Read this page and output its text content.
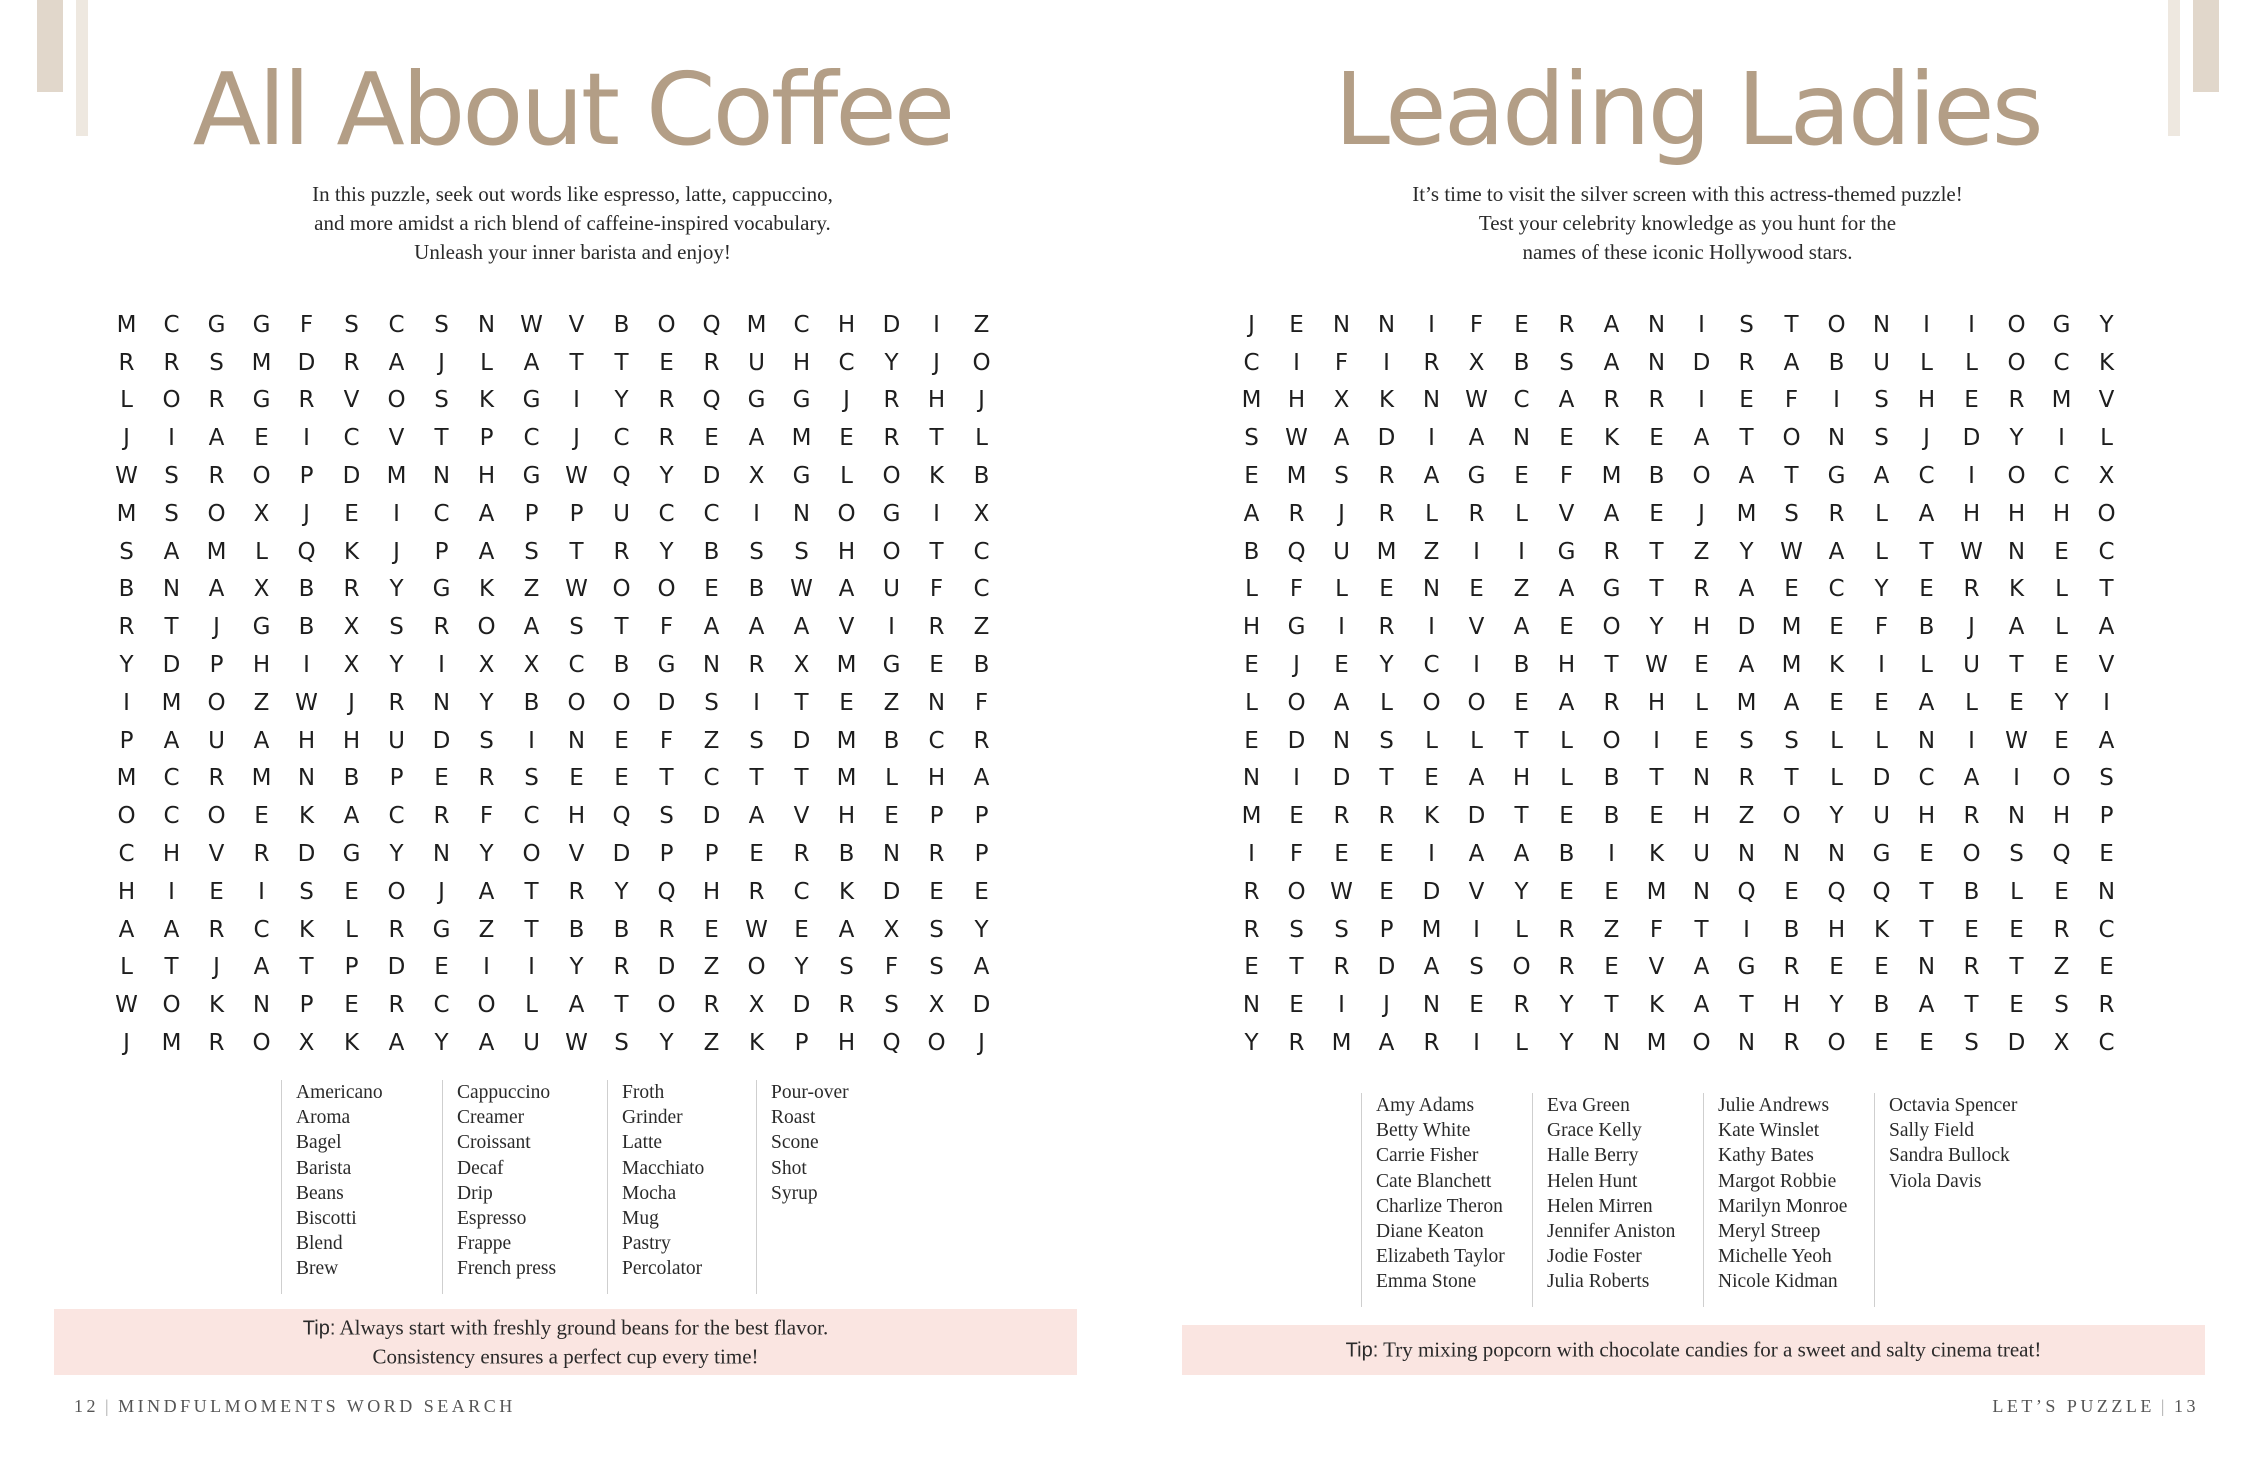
All About Coffee
In this puzzle, seek out words like espresso, latte, cappuccino,
and more amidst a rich blend of caffeine-inspired vocabulary.
Unleash your inner barista and enjoy!
M	C	G	G	F	S	C	S	N	W	V	B	O	Q	M	C	H	D	I	Z
R	R	S	M	D	R	A	J	L	A	T	T	E	R	U	H	C	Y	J	O
L	O	R	G	R	V	O	S	K	G	I	Y	R	Q	G	G	J	R	H	J
J	I	A	E	I	C	V	T	P	C	J	C	R	E	A	M	E	R	T	L
W	S	R	O	P	D	M	N	H	G	W	Q	Y	D	X	G	L	O	K	B
M	S	O	X	J	E	I	C	A	P	P	U	C	C	I	N	O	G	I	X
S	A	M	L	Q	K	J	P	A	S	T	R	Y	B	S	S	H	O	T	C
B	N	A	X	B	R	Y	G	K	Z	W	O	O	E	B	W	A	U	F	C
R	T	J	G	B	X	S	R	O	A	S	T	F	A	A	A	V	I	R	Z
Y	D	P	H	I	X	Y	I	X	X	C	B	G	N	R	X	M	G	E	B
I	M	O	Z	W	J	R	N	Y	B	O	O	D	S	I	T	E	Z	N	F
P	A	U	A	H	H	U	D	S	I	N	E	F	Z	S	D	M	B	C	R
M	C	R	M	N	B	P	E	R	S	E	E	T	C	T	T	M	L	H	A
O	C	O	E	K	A	C	R	F	C	H	Q	S	D	A	V	H	E	P	P
C	H	V	R	D	G	Y	N	Y	O	V	D	P	P	E	R	B	N	R	P
H	I	E	I	S	E	O	J	A	T	R	Y	Q	H	R	C	K	D	E	E
A	A	R	C	K	L	R	G	Z	T	B	B	R	E	W	E	A	X	S	Y
L	T	J	A	T	P	D	E	I	I	Y	R	D	Z	O	Y	S	F	S	A
W	O	K	N	P	E	R	C	O	L	A	T	O	R	X	D	R	S	X	D
J	M	R	O	X	K	A	Y	A	U	W	S	Y	Z	K	P	H	Q	O	J
Americano
Aroma
Bagel
Barista
Beans
Biscotti
Blend
Brew
Cappuccino
Creamer
Croissant
Decaf
Drip
Espresso
Frappe
French press
Froth
Grinder
Latte
Macchiato
Mocha
Mug
Pastry
Percolator
Pour-over
Roast
Scone
Shot
Syrup
Tip: Always start with freshly ground beans for the best flavor.
Consistency ensures a perfect cup every time!
12 | MINDFULMOMENTS WORD SEARCH
Leading Ladies
It’s time to visit the silver screen with this actress-themed puzzle!
Test your celebrity knowledge as you hunt for the
names of these iconic Hollywood stars.
J	E	N	N	I	F	E	R	A	N	I	S	T	O	N	I	I	O	G	Y
C	I	F	I	R	X	B	S	A	N	D	R	A	B	U	L	L	O	C	K
M	H	X	K	N	W	C	A	R	R	I	E	F	I	S	H	E	R	M	V
S	W	A	D	I	A	N	E	K	E	A	T	O	N	S	J	D	Y	I	L
E	M	S	R	A	G	E	F	M	B	O	A	T	G	A	C	I	O	C	X
A	R	J	R	L	R	L	V	A	E	J	M	S	R	L	A	H	H	H	O
B	Q	U	M	Z	I	I	G	R	T	Z	Y	W	A	L	T	W	N	E	C
L	F	L	E	N	E	Z	A	G	T	R	A	E	C	Y	E	R	K	L	T
H	G	I	R	I	V	A	E	O	Y	H	D	M	E	F	B	J	A	L	A
E	J	E	Y	C	I	B	H	T	W	E	A	M	K	I	L	U	T	E	V
L	O	A	L	O	O	E	A	R	H	L	M	A	E	E	A	L	E	Y	I
E	D	N	S	L	L	T	L	O	I	E	S	S	L	L	N	I	W	E	A
N	I	D	T	E	A	H	L	B	T	N	R	T	L	D	C	A	I	O	S
M	E	R	R	K	D	T	E	B	E	H	Z	O	Y	U	H	R	N	H	P
I	F	E	E	I	A	A	B	I	K	U	N	N	N	G	E	O	S	Q	E
R	O	W	E	D	V	Y	E	E	M	N	Q	E	Q	Q	T	B	L	E	N
R	S	S	P	M	I	L	R	Z	F	T	I	B	H	K	T	E	E	R	C
E	T	R	D	A	S	O	R	E	V	A	G	R	E	E	N	R	T	Z	E
N	E	I	J	N	E	R	Y	T	K	A	T	H	Y	B	A	T	E	S	R
Y	R	M	A	R	I	L	Y	N	M	O	N	R	O	E	E	S	D	X	C
Amy Adams
Betty White
Carrie Fisher
Cate Blanchett
Charlize Theron
Diane Keaton
Elizabeth Taylor
Emma Stone
Eva Green
Grace Kelly
Halle Berry
Helen Hunt
Helen Mirren
Jennifer Aniston
Jodie Foster
Julia Roberts
Julie Andrews
Kate Winslet
Kathy Bates
Margot Robbie
Marilyn Monroe
Meryl Streep
Michelle Yeoh
Nicole Kidman
Octavia Spencer
Sally Field
Sandra Bullock
Viola Davis
Tip: Try mixing popcorn with chocolate candies for a sweet and salty cinema treat!
LET’S PUZZLE | 13
